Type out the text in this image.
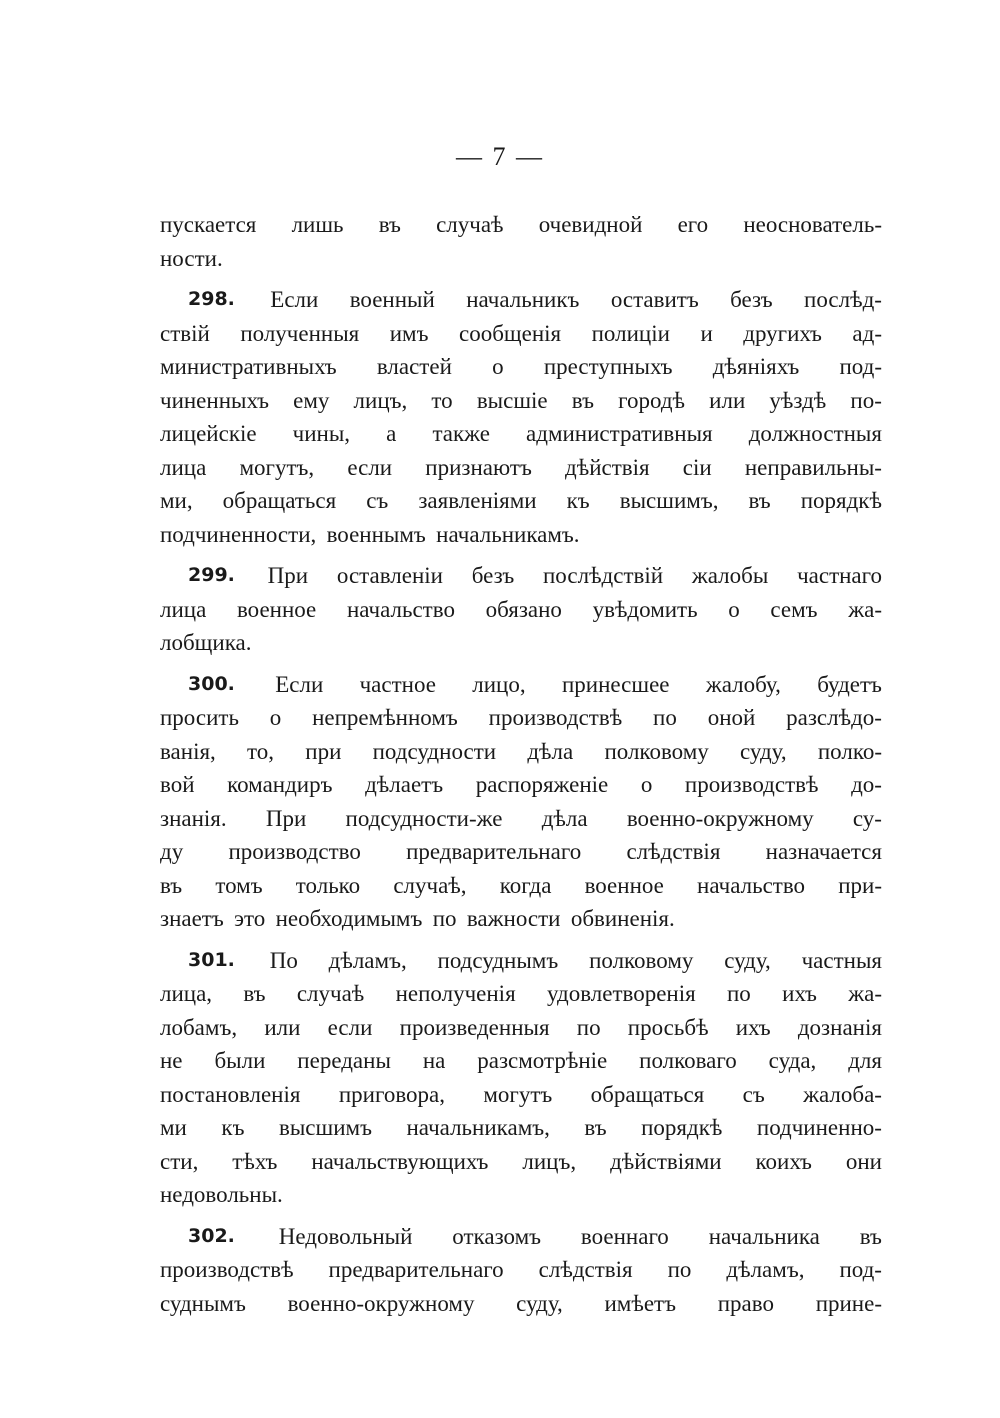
— 7 —
пускается лишь въ случаѣ очевидной его неоснователь-
ности.
298. Если военный начальникъ оставитъ безъ послѣд-
ствій полученныя имъ сообщенія полиціи и другихъ ад-
министративныхъ властей о преступныхъ дѣяніяхъ под-
чиненныхъ ему лицъ, то высшіе въ городѣ или уѣздѣ по-
лицейскіе чины, а также административныя должностныя
лица могутъ, если признаютъ дѣйствія сіи неправильны-
ми, обращаться съ заявленіями къ высшимъ, въ порядкѣ
подчиненности, военнымъ начальникамъ.
299. При оставленіи безъ послѣдствій жалобы частнаго
лица военное начальство обязано увѣдомить о семъ жа-
лобщика.
300. Если частное лицо, принесшее жалобу, будетъ
просить о непремѣнномъ производствѣ по оной разслѣдо-
ванія, то, при подсудности дѣла полковому суду, полко-
вой командиръ дѣлаетъ распоряженіе о производствѣ до-
знанія. При подсудности-же дѣла военно-окружному су-
ду производство предварительнаго слѣдствія назначается
въ томъ только случаѣ, когда военное начальство при-
знаетъ это необходимымъ по важности обвиненія.
301. По дѣламъ, подсуднымъ полковому суду, частныя
лица, въ случаѣ неполученія удовлетворенія по ихъ жа-
лобамъ, или если произведенныя по просьбѣ ихъ дознанія
не были переданы на разсмотрѣніе полковаго суда, для
постановленія приговора, могутъ обращаться съ жалоба-
ми къ высшимъ начальникамъ, въ порядкѣ подчиненно-
сти, тѣхъ начальствующихъ лицъ, дѣйствіями коихъ они
недовольны.
302. Недовольный отказомъ военнаго начальника въ
производствѣ предварительнаго слѣдствія по дѣламъ, под-
суднымъ военно-окружному суду, имѣетъ право прине-
